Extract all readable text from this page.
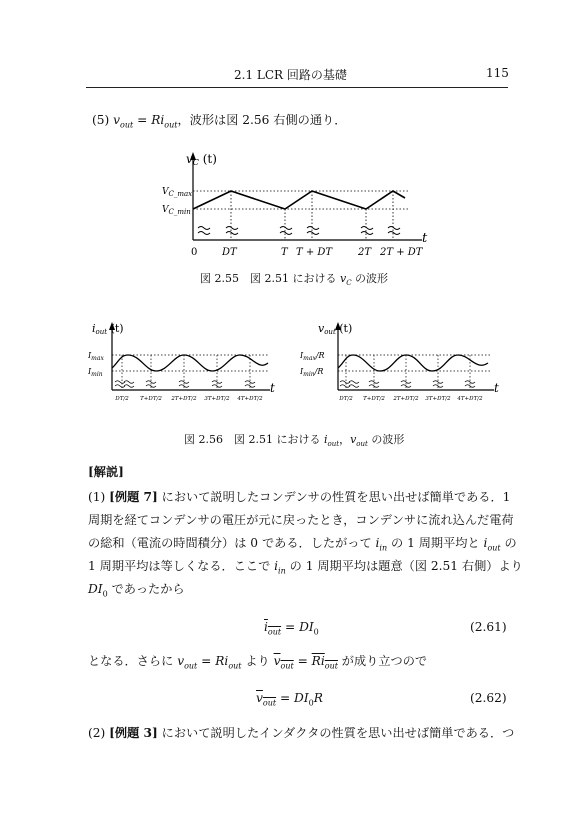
2.1 LCR 回路の基礎	115
(5) $v_{out} = Ri_{out}$，波形は図 2.56 右側の通り．
vC (t)
$V_{C\_max}$
$V_{C\_min}$
t
0 DT	T T + DT	2T 2T + DT
図 2.55　図 2.51 における $v_C$ の波形
iout (t)
$I_{max}$
$I_{min}$
t
DT/2 T+DT/2 2T+DT/2 3T+DT/2 4T+DT/2
vout (t)
$I_{max}/R$
$I_{min}/R$
t
DT/2 T+DT/2 2T+DT/2 3T+DT/2 4T+DT/2
図 2.56　図 2.51 における $i_{out}$，$v_{out}$ の波形
[解説]
(1) [例題 7] において説明したコンデンサの性質を思い出せば簡単である．1
周期を経てコンデンサの電圧が元に戻ったとき，コンデンサに流れ込んだ電荷
の総和（電流の時間積分）は 0 である．したがって $i_{in}$ の 1 周期平均と $i_{out}$ の
1 周期平均は等しくなる．ここで $i_{in}$ の 1 周期平均は題意（図 2.51 右側）より
$DI_0$ であったから
$i_{out} = DI_0$	(2.61)
となる．さらに $v_{out} = Ri_{out}$ より $v_{out} = Ri_{out}$ が成り立つので
$v_{out} = DI_0R$	(2.62)
(2) [例題 3] において説明したインダクタの性質を思い出せば簡単である．つ
